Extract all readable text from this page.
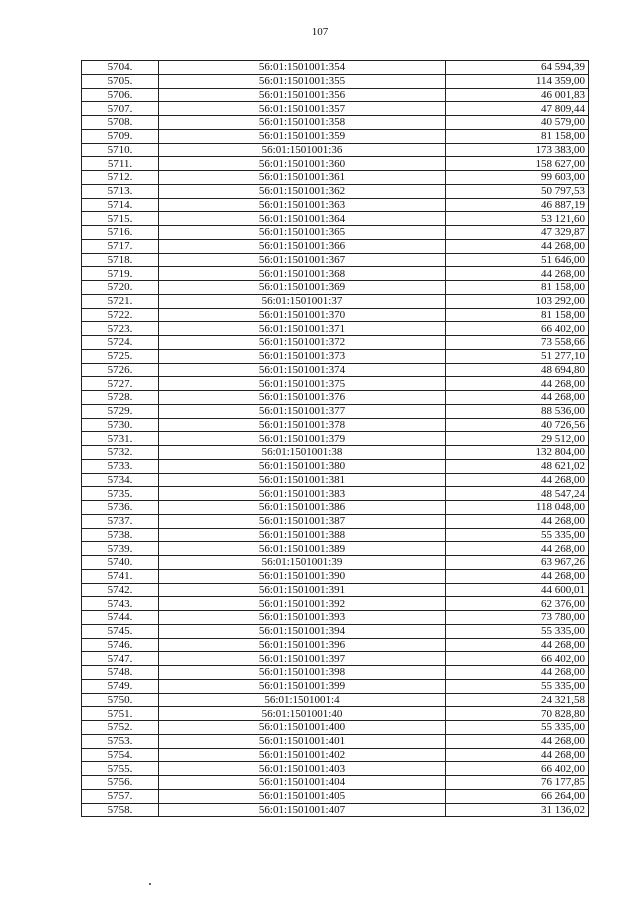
107
5704.	56:01:1501001:354	64 594,39
5705.	56:01:1501001:355	114 359,00
5706.	56:01:1501001:356	46 001,83
5707.	56:01:1501001:357	47 809,44
5708.	56:01:1501001:358	40 579,00
5709.	56:01:1501001:359	81 158,00
5710.	56:01:1501001:36	173 383,00
5711.	56:01:1501001:360	158 627,00
5712.	56:01:1501001:361	99 603,00
5713.	56:01:1501001:362	50 797,53
5714.	56:01:1501001:363	46 887,19
5715.	56:01:1501001:364	53 121,60
5716.	56:01:1501001:365	47 329,87
5717.	56:01:1501001:366	44 268,00
5718.	56:01:1501001:367	51 646,00
5719.	56:01:1501001:368	44 268,00
5720.	56:01:1501001:369	81 158,00
5721.	56:01:1501001:37	103 292,00
5722.	56:01:1501001:370	81 158,00
5723.	56:01:1501001:371	66 402,00
5724.	56:01:1501001:372	73 558,66
5725.	56:01:1501001:373	51 277,10
5726.	56:01:1501001:374	48 694,80
5727.	56:01:1501001:375	44 268,00
5728.	56:01:1501001:376	44 268,00
5729.	56:01:1501001:377	88 536,00
5730.	56:01:1501001:378	40 726,56
5731.	56:01:1501001:379	29 512,00
5732.	56:01:1501001:38	132 804,00
5733.	56:01:1501001:380	48 621,02
5734.	56:01:1501001:381	44 268,00
5735.	56:01:1501001:383	48 547,24
5736.	56:01:1501001:386	118 048,00
5737.	56:01:1501001:387	44 268,00
5738.	56:01:1501001:388	55 335,00
5739.	56:01:1501001:389	44 268,00
5740.	56:01:1501001:39	63 967,26
5741.	56:01:1501001:390	44 268,00
5742.	56:01:1501001:391	44 600,01
5743.	56:01:1501001:392	62 376,00
5744.	56:01:1501001:393	73 780,00
5745.	56:01:1501001:394	55 335,00
5746.	56:01:1501001:396	44 268,00
5747.	56:01:1501001:397	66 402,00
5748.	56:01:1501001:398	44 268,00
5749.	56:01:1501001:399	55 335,00
5750.	56:01:1501001:4	24 321,58
5751.	56:01:1501001:40	70 828,80
5752.	56:01:1501001:400	55 335,00
5753.	56:01:1501001:401	44 268,00
5754.	56:01:1501001:402	44 268,00
5755.	56:01:1501001:403	66 402,00
5756.	56:01:1501001:404	76 177,85
5757.	56:01:1501001:405	66 264,00
5758.	56:01:1501001:407	31 136,02
